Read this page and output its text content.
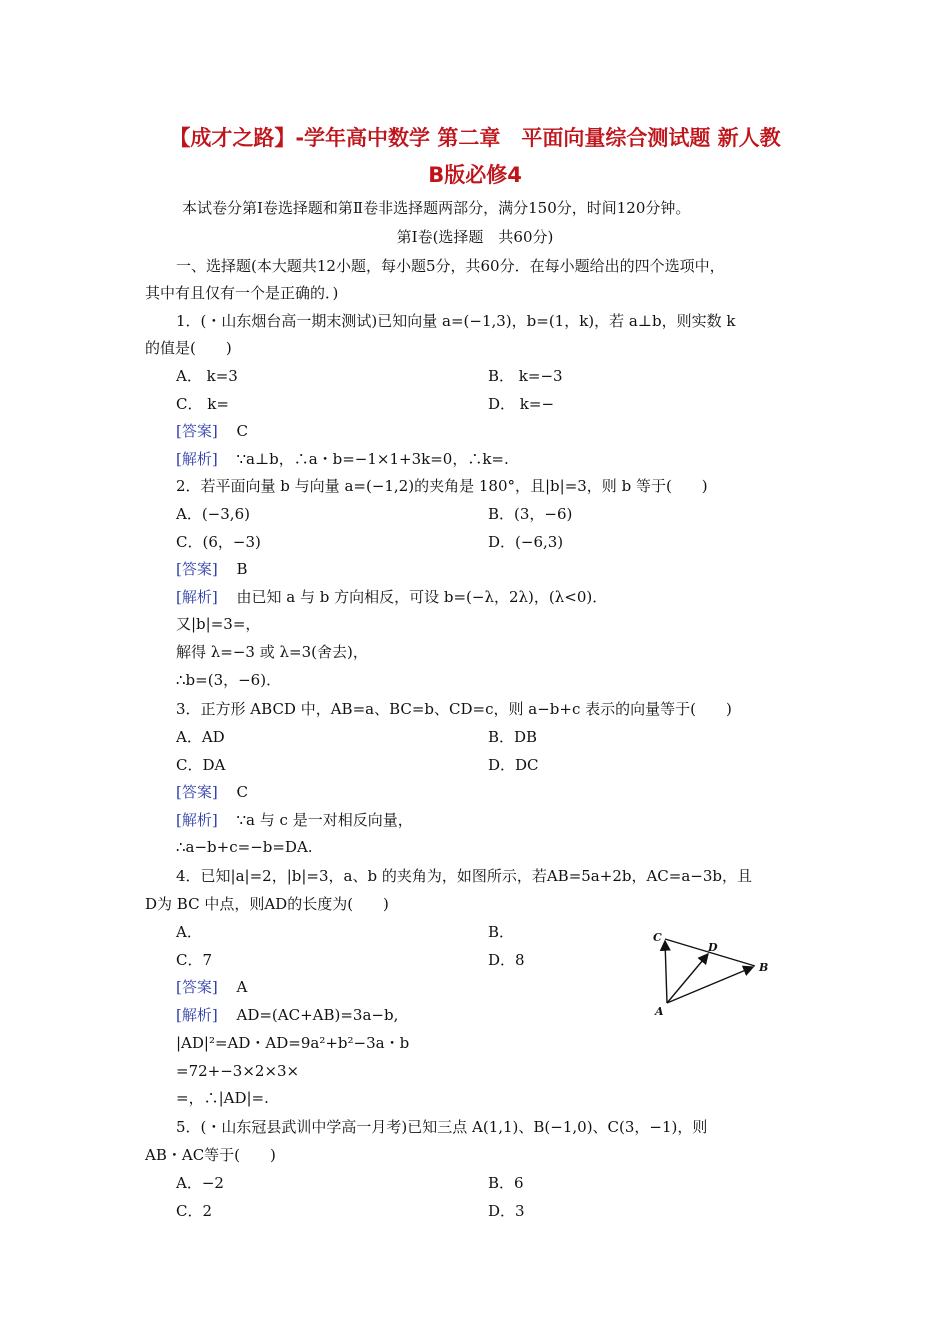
【成才之路】-学年高中数学 第二章　平面向量综合测试题 新人教
B版必修4
本试卷分第Ⅰ卷选择题和第Ⅱ卷非选择题两部分，满分150分，时间120分钟。
第Ⅰ卷(选择题　共60分)
一、选择题(本大题共12小题，每小题5分，共60分．在每小题给出的四个选项中，
其中有且仅有一个是正确的．)
1．(・山东烟台高一期末测试)已知向量 a=(−1,3)，b=(1，k)，若 a⊥b，则实数 k
的值是(　　)
A． k=3	B． k=−3
C． k=	D． k=−
[答案] C
[解析] ∵a⊥b，∴a・b=−1×1+3k=0，∴k=.
2．若平面向量 b 与向量 a=(−1,2)的夹角是 180°，且|b|=3，则 b 等于(　　)
A．(−3,6)	B．(3，−6)
C．(6，−3)	D．(−6,3)
[答案] B
[解析] 由已知 a 与 b 方向相反，可设 b=(−λ，2λ)，(λ<0)．
又|b|=3=，
解得 λ=−3 或 λ=3(舍去)，
∴b=(3，−6)．
3．正方形 ABCD 中，AB=a、BC=b、CD=c，则 a−b+c 表示的向量等于(　　)
A．AD	B．DB
C．DA	D．DC
[答案] C
[解析] ∵a 与 c 是一对相反向量，
∴a−b+c=−b=DA.
4．已知|a|=2，|b|=3，a、b 的夹角为，如图所示，若AB=5a+2b，AC=a−3b，且
D为 BC 中点，则AD的长度为(　　)
A．	B．
C．7	D．8
[答案] A
[解析] AD=(AC+AB)=3a−b,
|AD|²=AD・AD=9a²+b²−3a・b
=72+−3×2×3×
=，∴|AD|=.
C
D
B
A
5．(・山东冠县武训中学高一月考)已知三点 A(1,1)、B(−1,0)、C(3，−1)，则
AB・AC等于(　　)
A．−2	B．6
C．2	D．3
